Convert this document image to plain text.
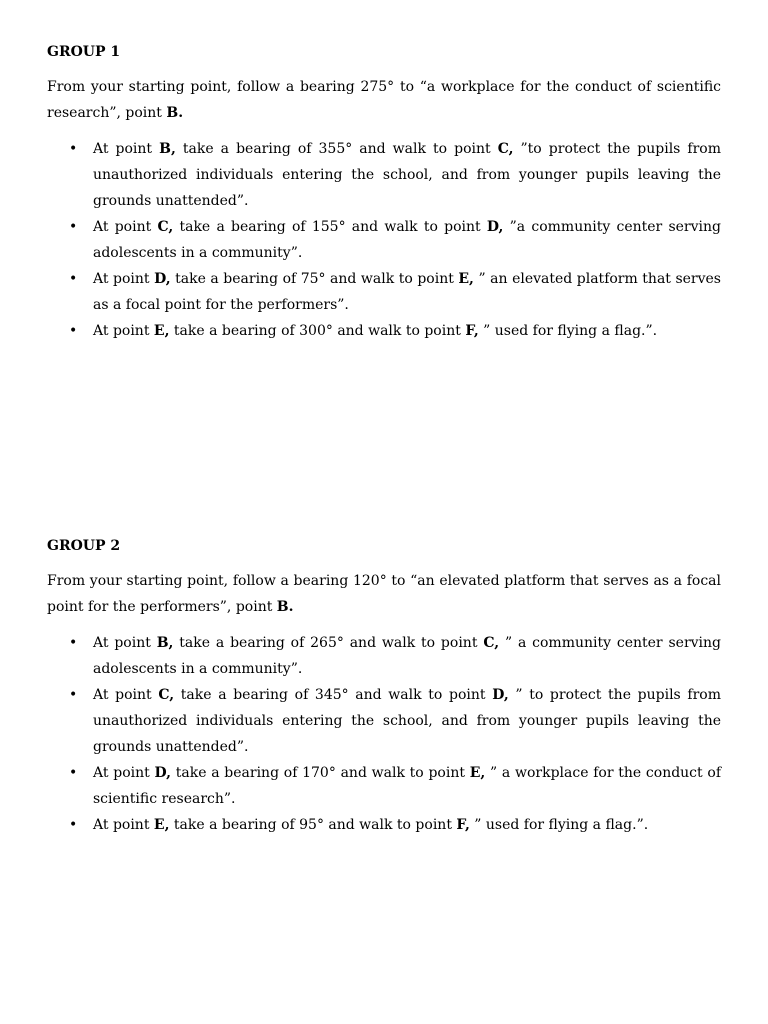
GROUP 1

From your starting point, follow a bearing 275° to “a workplace for the conduct of scientific research”, point B.

• At point B, take a bearing of 355° and walk to point C, ”to protect the pupils from unauthorized individuals entering the school, and from younger pupils leaving the grounds unattended”.
• At point C, take a bearing of 155° and walk to point D, ”a community center serving adolescents in a community”.
• At point D, take a bearing of 75° and walk to point E, ” an elevated platform that serves as a focal point for the performers”.
• At point E, take a bearing of 300° and walk to point F, ” used for flying a flag.”.

GROUP 2

From your starting point, follow a bearing 120° to “an elevated platform that serves as a focal point for the performers”, point B.

• At point B, take a bearing of 265° and walk to point C, ” a community center serving adolescents in a community”.
• At point C, take a bearing of 345° and walk to point D, ” to protect the pupils from unauthorized individuals entering the school, and from younger pupils leaving the grounds unattended”.
• At point D, take a bearing of 170° and walk to point E, ” a workplace for the conduct of scientific research”.
• At point E, take a bearing of 95° and walk to point F, ” used for flying a flag.”.
